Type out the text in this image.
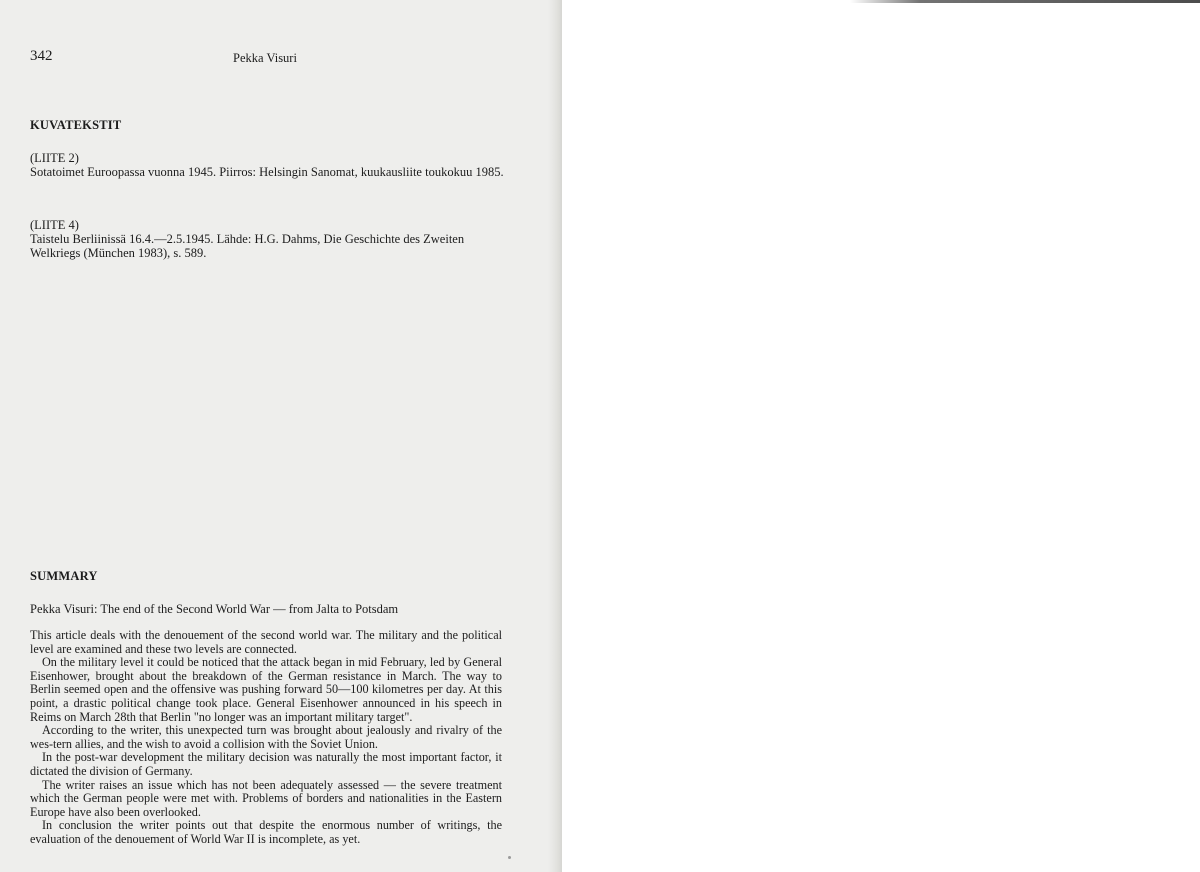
342	Pekka Visuri
KUVATEKSTIT
(LIITE 2)
Sotatoimet Euroopassa vuonna 1945. Piirros: Helsingin Sanomat, kuukausliite toukokuu 1985.
(LIITE 4)
Taistelu Berliinissä 16.4.—2.5.1945. Lähde: H.G. Dahms, Die Geschichte des Zweiten Welkriegs (München 1983), s. 589.
SUMMARY
Pekka Visuri: The end of the Second World War — from Jalta to Potsdam

This article deals with the denouement of the second world war. The military and the political level are examined and these two levels are connected.

On the military level it could be noticed that the attack began in mid February, led by General Eisenhower, brought about the breakdown of the German resistance in March. The way to Berlin seemed open and the offensive was pushing forward 50—100 kilometres per day. At this point, a drastic political change took place. General Eisenhower announced in his speech in Reims on March 28th that Berlin "no longer was an important military target".

According to the writer, this unexpected turn was brought about jealously and rivalry of the wes-tern allies, and the wish to avoid a collision with the Soviet Union.

In the post-war development the military decision was naturally the most important factor, it dictated the division of Germany.

The writer raises an issue which has not been adequately assessed — the severe treatment which the German people were met with. Problems of borders and nationalities in the Eastern Europe have also been overlooked.

In conclusion the writer points out that despite the enormous number of writings, the evaluation of the denouement of World War II is incomplete, as yet.
